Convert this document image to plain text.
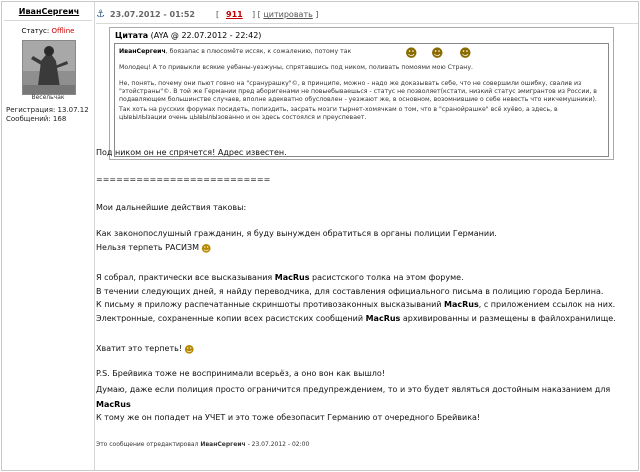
ИванСергеич
Статус: Offline
Весельчак
Регистрация: 13.07.12
Сообщений: 168
⚓ 23.07.2012 - 01:52	[ 911 ] [ цитировать ]
Цитата (AYA @ 22.07.2012 - 22:42)
ИванСергеич, боязапас в плюсомёте иссяк, к сожалению, потому так	☻ ☻ ☻
Молодец! А то привыкли всякие уебаны-уезжуны, спрятавшись под ником, поливать помоями мою Страну.
Не, понять, почему они пьют говно на "сранурашку"©, в принципе, можно - надо же доказывать себе, что не совершили ошибку, свалив из "этойстраны"©. В той же Германии пред аборигенами не повыебываешься - статус не позволяет(кстати, низкий статус эмигрантов из России, в подавляющем большинстве случаев, вполне адекватно обусловлен - уезжают же, в основном, возомнившие о себе невесть что никчемушники).
Так хоть на русских форумах посидеть, попиздить, засрать мозги тырнет-хомячкам о том, что в "сранойрашке" всё хуёво, а здесь, в цЫвЫлЫзации очень цЫвЫлЫзованно и он здесь состоялся и преуспевает.
Под ником он не спрячется! Адрес известен.
==========================
Мои дальнейшие действия таковы:
Как законопослушный гражданин, я буду вынужден обратиться в органы полиции Германии.
Нельзя терпеть РАСИЗМ ☻
Я собрал, практически все высказывания MacRus расистского толка на этом форуме.
В течении следующих дней, я найду переводчика, для составления официального письма в полицию города Берлина.
К письму я приложу распечатанные скриншоты противозаконных высказываний MacRus, с приложением ссылок на них.
Электронные, сохраненные копии всех расистских сообщений MacRus архивированны и размещены в файлохранилище.
Хватит это терпеть! ☻
P.S. Брейвика тоже не воспринимали всерьёз, а оно вон как вышло!
Думаю, даже если полиция просто ограничится предупреждением, то и это будет являться достойным наказанием для
MacRus
К тому же он попадет на УЧЕТ и это тоже обезопасит Германию от очередного Брейвика!
Это сообщение отредактировал ИванСергеич - 23.07.2012 - 02:00
